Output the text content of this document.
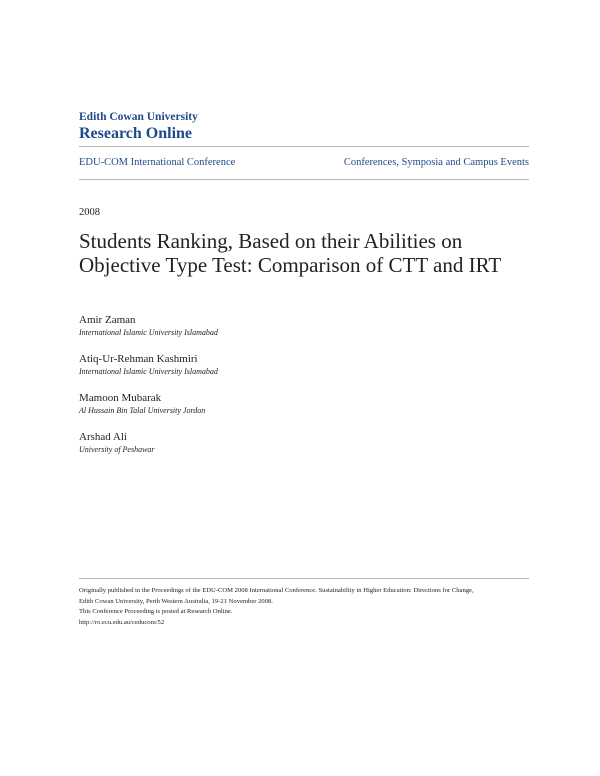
Edith Cowan University
Research Online
EDU-COM International Conference	Conferences, Symposia and Campus Events
2008
Students Ranking, Based on their Abilities on Objective Type Test: Comparison of CTT and IRT
Amir Zaman
International Islamic University Islamabad
Atiq-Ur-Rehman Kashmiri
International Islamic University Islamabad
Mamoon Mubarak
Al Hussain Bin Talal University Jordon
Arshad Ali
University of Peshawar
Originally published in the Proceedings of the EDU-COM 2008 International Conference. Sustainability in Higher Education: Directions for Change,
Edith Cowan University, Perth Western Australia, 19-21 November 2008.
This Conference Proceeding is posted at Research Online.
http://ro.ecu.edu.au/ceducom/52
